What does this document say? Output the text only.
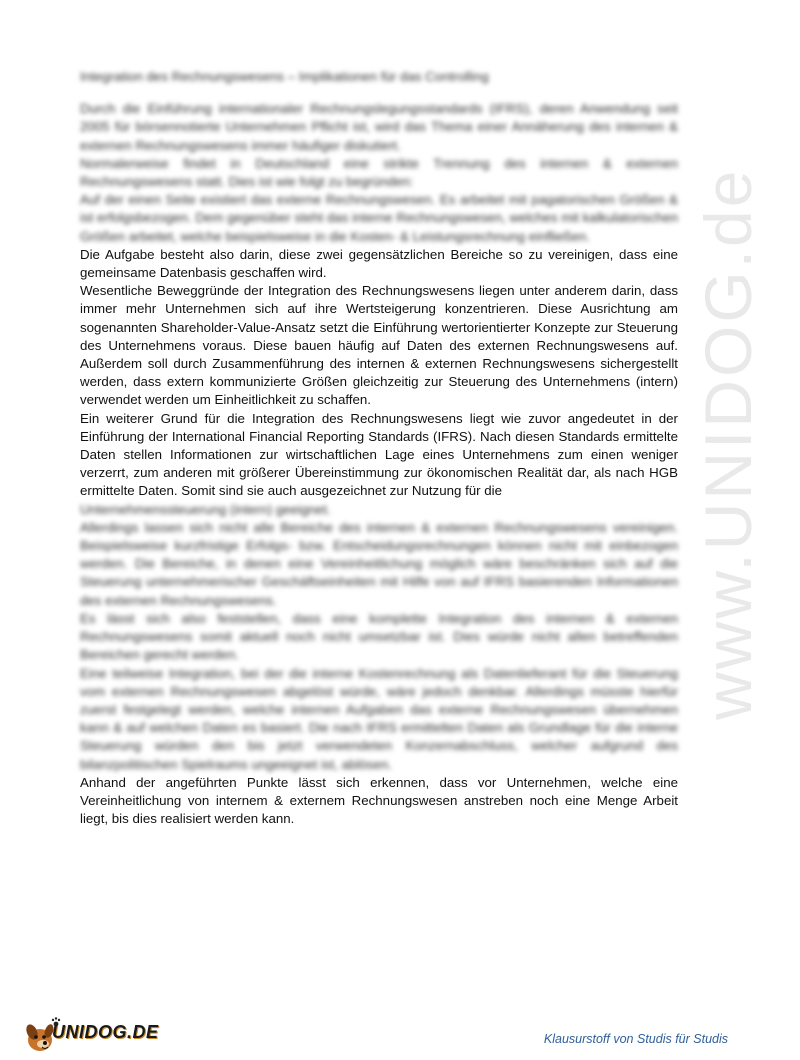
www.UNIDOG.de

Integration des Rechnungswesens – Implikationen für das Controlling

Durch die Einführung internationaler Rechnungslegungsstandards (IFRS), deren Anwendung seit 2005 für börsennotierte Unternehmen Pflicht ist, wird das Thema einer Annäherung des internen & externen Rechnungswesens immer häufiger diskutiert.

Normalerweise findet in Deutschland eine strikte Trennung des internen & externen Rechnungswesens statt. Dies ist wie folgt zu begründen:

Auf der einen Seite existiert das externe Rechnungswesen. Es arbeitet mit pagatorischen Größen & ist erfolgsbezogen. Dem gegenüber steht das interne Rechnungswesen, welches mit kalkulatorischen Größen arbeitet, welche beispielsweise in die Kosten- & Leistungsrechnung einfließen.

Die Aufgabe besteht also darin, diese zwei gegensätzlichen Bereiche so zu vereinigen, dass eine gemeinsame Datenbasis geschaffen wird.

Wesentliche Beweggründe der Integration des Rechnungswesens liegen unter anderem darin, dass immer mehr Unternehmen sich auf ihre Wertsteigerung konzentrieren. Diese Ausrichtung am sogenannten Shareholder-Value-Ansatz setzt die Einführung wertorientierter Konzepte zur Steuerung des Unternehmens voraus. Diese bauen häufig auf Daten des externen Rechnungswesens auf. Außerdem soll durch Zusammenführung des internen & externen Rechnungswesens sichergestellt werden, dass extern kommunizierte Größen gleichzeitig zur Steuerung des Unternehmens (intern) verwendet werden um Einheitlichkeit zu schaffen.

Ein weiterer Grund für die Integration des Rechnungswesens liegt wie zuvor angedeutet in der Einführung der International Financial Reporting Standards (IFRS). Nach diesen Standards ermittelte Daten stellen Informationen zur wirtschaftlichen Lage eines Unternehmens zum einen weniger verzerrt, zum anderen mit größerer Übereinstimmung zur ökonomischen Realität dar, als nach HGB ermittelte Daten. Somit sind sie auch ausgezeichnet zur Nutzung für die

Unternehmenssteuerung (intern) geeignet.

Allerdings lassen sich nicht alle Bereiche des internen & externen Rechnungswesens vereinigen. Beispielsweise kurzfristige Erfolgs- bzw. Entscheidungsrechnungen können nicht mit einbezogen werden. Die Bereiche, in denen eine Vereinheitlichung möglich wäre beschränken sich auf die Steuerung unternehmerischer Geschäftseinheiten mit Hilfe von auf IFRS basierenden Informationen des externen Rechnungswesens.

Es lässt sich also feststellen, dass eine komplette Integration des internen & externen Rechnungswesens somit aktuell noch nicht umsetzbar ist. Dies würde nicht allen betreffenden Bereichen gerecht werden.

Eine teilweise Integration, bei der die interne Kostenrechnung als Datenlieferant für die Steuerung vom externen Rechnungswesen abgelöst würde, wäre jedoch denkbar. Allerdings müsste hierfür zuerst festgelegt werden, welche internen Aufgaben das externe Rechnungswesen übernehmen kann & auf welchen Daten es basiert. Die nach IFRS ermittelten Daten als Grundlage für die interne Steuerung würden den bis jetzt verwendeten Konzernabschluss, welcher aufgrund des bilanzpolitischen Spielraums ungeeignet ist, ablösen.

Anhand der angeführten Punkte lässt sich erkennen, dass vor Unternehmen, welche eine Vereinheitlichung von internem & externem Rechnungswesen anstreben noch eine Menge Arbeit liegt, bis dies realisiert werden kann.

UNIDOG.DE	Klausurstoff von Studis für Studis
